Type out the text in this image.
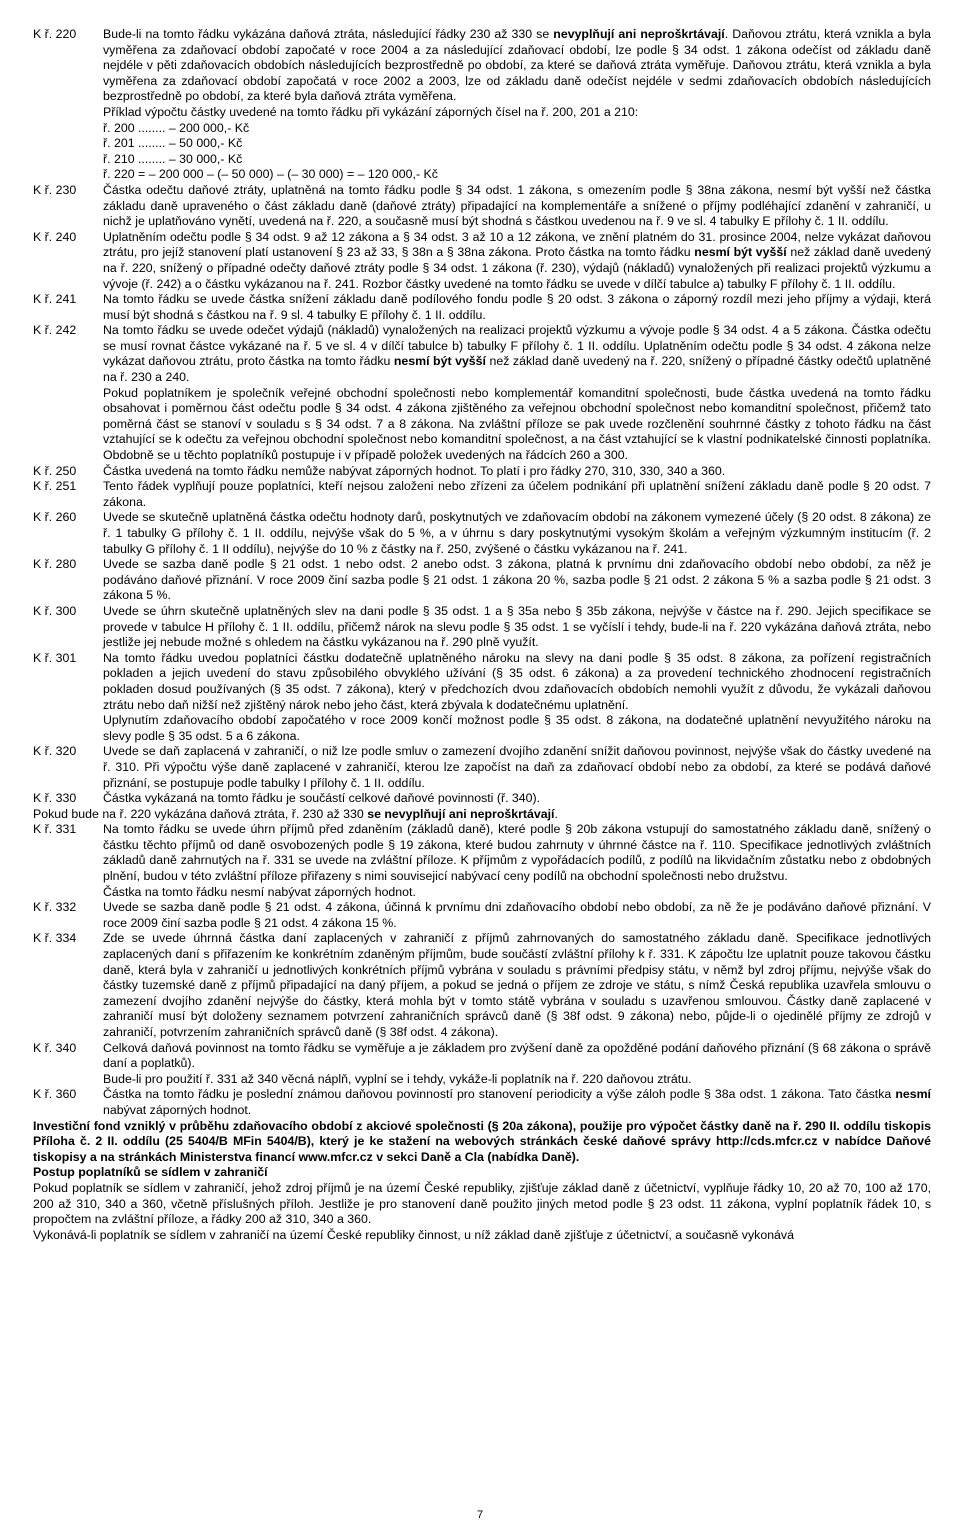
K ř. 220	Bude-li na tomto řádku vykázána daňová ztráta, následující řádky 230 až 330 se nevyplňují ani neproškrtávají. Daňovou ztrátu, která vznikla a byla vyměřena za zdaňovací období započaté v roce 2004 a za následující zdaňovací období, lze podle § 34 odst. 1 zákona odečíst od základu daně nejdéle v pěti zdaňovacích obdobích následujících bezprostředně po období, za které se daňová ztráta vyměřuje. Daňovou ztrátu, která vznikla a byla vyměřena za zdaňovací období započatá v roce 2002 a 2003, lze od základu daně odečíst nejdéle v sedmi zdaňovacích obdobích následujících bezprostředně po období, za které byla daňová ztráta vyměřena.

Příklad výpočtu částky uvedené na tomto řádku při vykázání záporných čísel na ř. 200, 201 a 210:

ř. 200 ........ – 200 000,- Kč

ř. 201 ........ – 50 000,- Kč

ř. 210 ........ – 30 000,- Kč

ř. 220 = – 200 000 – (– 50 000) – (– 30 000) = – 120 000,- Kč

K ř. 230	Částka odečtu daňové ztráty, uplatněná na tomto řádku podle § 34 odst. 1 zákona, s omezením podle § 38na zákona, nesmí být vyšší než částka základu daně upraveného o část základu daně (daňové ztráty) připadající na komplementáře a snížené o příjmy podléhající zdanění v zahraničí, u nichž je uplatňováno vynětí, uvedená na ř. 220, a současně musí být shodná s částkou uvedenou na ř. 9 ve sl. 4 tabulky E přílohy č. 1 II. oddílu.
K ř. 240	Uplatněním odečtu podle § 34 odst. 9 až 12 zákona a § 34 odst. 3 až 10 a 12 zákona, ve znění platném do 31. prosince 2004, nelze vykázat daňovou ztrátu, pro jejíž stanovení platí ustanovení § 23 až 33, § 38n a § 38na zákona. Proto částka na tomto řádku nesmí být vyšší než základ daně uvedený na ř. 220, snížený o případné odečty daňové ztráty podle § 34 odst. 1 zákona (ř. 230), výdajů (nákladů) vynaložených při realizaci projektů výzkumu a vývoje (ř. 242) a o částku vykázanou na ř. 241. Rozbor částky uvedené na tomto řádku se uvede v dílčí tabulce a) tabulky F přílohy č. 1 II. oddílu.
K ř. 241	Na tomto řádku se uvede částka snížení základu daně podílového fondu podle § 20 odst. 3 zákona o záporný rozdíl mezi jeho příjmy a výdaji, která musí být shodná s částkou na ř. 9 sl. 4 tabulky E přílohy č. 1 II. oddílu.
K ř. 242	Na tomto řádku se uvede odečet výdajů (nákladů) vynaložených na realizaci projektů výzkumu a vývoje podle § 34 odst. 4 a 5 zákona. Částka odečtu se musí rovnat částce vykázané na ř. 5 ve sl. 4 v dílčí tabulce b) tabulky F přílohy č. 1 II. oddílu. Uplatněním odečtu podle § 34 odst. 4 zákona nelze vykázat daňovou ztrátu, proto částka na tomto řádku nesmí být vyšší než základ daně uvedený na ř. 220, snížený o případné částky odečtů uplatněné na ř. 230 a 240.

Pokud poplatníkem je společník veřejné obchodní společnosti nebo komplementář komanditní společnosti, bude částka uvedená na tomto řádku obsahovat i poměrnou část odečtu podle § 34 odst. 4 zákona zjištěného za veřejnou obchodní společnost nebo komanditní společnost, přičemž tato poměrná část se stanoví v souladu s § 34 odst. 7 a 8 zákona. Na zvláštní příloze se pak uvede rozčlenění souhrnné částky z tohoto řádku na část vztahující se k odečtu za veřejnou obchodní společnost nebo komanditní společnost, a na část vztahující se k vlastní podnikatelské činnosti poplatníka. Obdobně se u těchto poplatníků postupuje i v případě položek uvedených na řádcích 260 a 300.

K ř. 250	Částka uvedená na tomto řádku nemůže nabývat záporných hodnot. To platí i pro řádky 270, 310, 330, 340 a 360.
K ř. 251	Tento řádek vyplňují pouze poplatníci, kteří nejsou založeni nebo zřízeni za účelem podnikání při uplatnění snížení základu daně podle § 20 odst. 7 zákona.
K ř. 260	Uvede se skutečně uplatněná částka odečtu hodnoty darů, poskytnutých ve zdaňovacím období na zákonem vymezené účely (§ 20 odst. 8 zákona) ze ř. 1 tabulky G přílohy č. 1 II. oddílu, nejvýše však do 5 %, a v úhrnu s dary poskytnutými vysokým školám a veřejným výzkumným institucím (ř. 2 tabulky G přílohy č. 1 II oddílu), nejvýše do 10 % z částky na ř. 250, zvýšené o částku vykázanou na ř. 241.
K ř. 280	Uvede se sazba daně podle § 21 odst. 1 nebo odst. 2 anebo odst. 3 zákona, platná k prvnímu dni zdaňovacího období nebo období, za něž je podáváno daňové přiznání. V roce 2009 činí sazba podle § 21 odst. 1 zákona 20 %, sazba podle § 21 odst. 2 zákona 5 % a sazba podle § 21 odst. 3 zákona 5 %.
K ř. 300	Uvede se úhrn skutečně uplatněných slev na dani podle § 35 odst. 1 a § 35a nebo § 35b zákona, nejvýše v částce na ř. 290. Jejich specifikace se provede v tabulce H přílohy č. 1 II. oddílu, přičemž nárok na slevu podle § 35 odst. 1 se vyčíslí i tehdy, bude-li na ř. 220 vykázána daňová ztráta, nebo jestliže jej nebude možné s ohledem na částku vykázanou na ř. 290 plně využít.
K ř. 301	Na tomto řádku uvedou poplatníci částku dodatečně uplatněného nároku na slevy na dani podle § 35 odst. 8 zákona, za pořízení registračních pokladen a jejich uvedení do stavu způsobilého obvyklého užívání (§ 35 odst. 6 zákona) a za provedení technického zhodnocení registračních pokladen dosud používaných (§ 35 odst. 7 zákona), který v předchozích dvou zdaňovacích obdobích nemohli využít z důvodu, že vykázali daňovou ztrátu nebo daň nižší než zjištěný nárok nebo jeho část, která zbývala k dodatečnému uplatnění.

Uplynutím zdaňovacího období započatého v roce 2009 končí možnost podle § 35 odst. 8 zákona, na dodatečné uplatnění nevyužitého nároku na slevy podle § 35 odst. 5 a 6 zákona.

K ř. 320	Uvede se daň zaplacená v zahraničí, o niž lze podle smluv o zamezení dvojího zdanění snížit daňovou povinnost, nejvýše však do částky uvedené na ř. 310. Při výpočtu výše daně zaplacené v zahraničí, kterou lze započíst na daň za zdaňovací období nebo za období, za které se podává daňové přiznání, se postupuje podle tabulky I přílohy č. 1 II. oddílu.
K ř. 330	Částka vykázaná na tomto řádku je součástí celkové daňové povinnosti (ř. 340).

Pokud bude na ř. 220 vykázána daňová ztráta, ř. 230 až 330 se nevyplňují ani neproškrtávají.

K ř. 331	Na tomto řádku se uvede úhrn příjmů před zdaněním (základů daně), které podle § 20b zákona vstupují do samostatného základu daně, snížený o částku těchto příjmů od daně osvobozených podle § 19 zákona, které budou zahrnuty v úhrnné částce na ř. 110. Specifikace jednotlivých zvláštních základů daně zahrnutých na ř. 331 se uvede na zvláštní příloze. K příjmům z vypořádacích podílů, z podílů na likvidačním zůstatku nebo z obdobných plnění, budou v této zvláštní příloze přiřazeny s nimi souvisejicí nabývací ceny podílů na obchodní společnosti nebo družstvu.

Částka na tomto řádku nesmí nabývat záporných hodnot.

K ř. 332	Uvede se sazba daně podle § 21 odst. 4 zákona, účinná k prvnímu dni zdaňovacího období nebo období, za ně že je podáváno daňové přiznání. V roce 2009 činí sazba podle § 21 odst. 4 zákona 15 %.
K ř. 334	Zde se uvede úhrnná částka daní zaplacených v zahraničí z příjmů zahrnovaných do samostatného základu daně. Specifikace jednotlivých zaplacených daní s přiřazením ke konkrétním zdaněným příjmům, bude součástí zvláštní přílohy k ř. 331. K zápočtu lze uplatnit pouze takovou částku daně, která byla v zahraničí u jednotlivých konkrétních příjmů vybrána v souladu s právními předpisy státu, v němž byl zdroj příjmu, nejvýše však do částky tuzemské daně z příjmů připadající na daný příjem, a pokud se jedná o příjem ze zdroje ve státu, s nímž Česká republika uzavřela smlouvu o zamezení dvojího zdanění nejvýše do částky, která mohla být v tomto státě vybrána v souladu s uzavřenou smlouvou. Částky daně zaplacené v zahraničí musí být doloženy seznamem potvrzení zahraničních správců daně (§ 38f odst. 9 zákona) nebo, půjde-li o ojedinělé příjmy ze zdrojů v zahraničí, potvrzením zahraničních správců daně (§ 38f odst. 4 zákona).
K ř. 340	Celková daňová povinnost na tomto řádku se vyměřuje a je základem pro zvýšení daně za opožděné podání daňového přiznání (§ 68 zákona o správě daní a poplatků).

Bude-li pro použití ř. 331 až 340 věcná náplň, vyplní se i tehdy, vykáže-li poplatník na ř. 220 daňovou ztrátu.

K ř. 360	Částka na tomto řádku je poslední známou daňovou povinností pro stanovení periodicity a výše záloh podle § 38a odst. 1 zákona. Tato částka nesmí nabývat záporných hodnot.

Investiční fond vzniklý v průběhu zdaňovacího období z akciové společnosti (§ 20a zákona), použije pro výpočet částky daně na ř. 290 II. oddílu tiskopis Příloha č. 2 II. oddílu (25 5404/B MFin 5404/B), který je ke stažení na webových stránkách české daňové správy http://cds.mfcr.cz v nabídce Daňové tiskopisy a na stránkách Ministerstva financí www.mfcr.cz v sekci Daně a Cla (nabídka Daně).

Postup poplatníků se sídlem v zahraničí

Pokud poplatník se sídlem v zahraničí, jehož zdroj příjmů je na území České republiky, zjišťuje základ daně z účetnictví, vyplňuje řádky 10, 20 až 70, 100 až 170, 200 až 310, 340 a 360, včetně příslušných příloh. Jestliže je pro stanovení daně použito jiných metod podle § 23 odst. 11 zákona, vyplní poplatník řádek 10, s propočtem na zvláštní příloze, a řádky 200 až 310, 340 a 360.

Vykonává-li poplatník se sídlem v zahraničí na území České republiky činnost, u níž základ daně zjišťuje z účetnictví, a současně vykonává

7
